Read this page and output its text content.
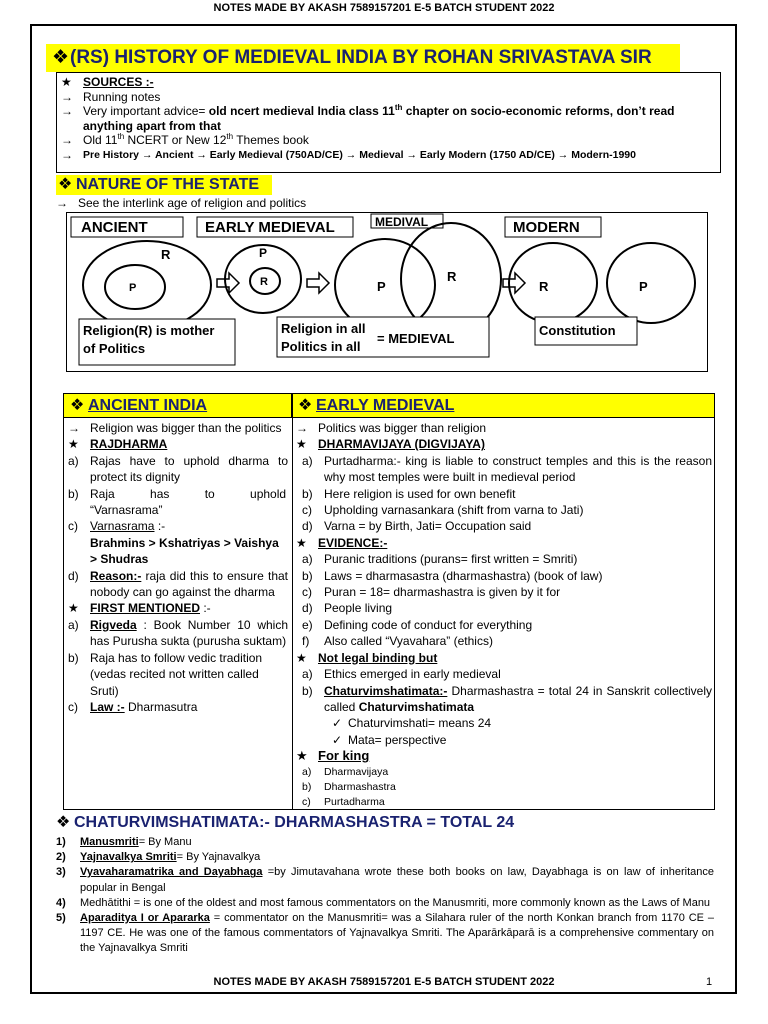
NOTES MADE BY AKASH 7589157201 E-5 BATCH STUDENT 2022
❖(RS) HISTORY OF MEDIEVAL INDIA BY ROHAN SRIVASTAVA SIR
★ SOURCES :-
→ Running notes
→ Very important advice= old ncert medieval India class 11th chapter on socio-economic reforms, don’t read anything apart from that
→ Old 11th NCERT or New 12th Themes book
→ Pre History → Ancient → Early Medieval (750AD/CE) → Medieval → Early Modern (1750 AD/CE) → Modern-1990
❖ NATURE OF THE STATE
→ See the interlink age of religion and politics
ANCIENT	EARLY MEDIEVAL	MEDIVAL	MODERN
R
P
P
R	P
R
R	P
Religion(R) is mother
of Politics
Religion in all
Politics in all
= MEDIEVAL
Constitution
❖ ANCIENT INDIA	❖ EARLY MEDIEVAL
→ Religion was bigger than the politics
★ RAJDHARMA
a) Rajas have to uphold dharma to protect its dignity
b) Raja has to uphold “Varnasrama”
c)	Varnasrama :-
Brahmins > Kshatriyas > Vaishya > Shudras
d) Reason:- raja did this to ensure that nobody can go against the dharma
★ FIRST MENTIONED :-
a) Rigveda : Book Number 10 which has Purusha sukta (purusha suktam)
b) Raja has to follow vedic tradition (vedas recited not written called Sruti)
c)	Law :- Dharmasutra
→ Politics was bigger than religion
★ DHARMAVIJAYA (DIGVIJAYA)
a) Purtadharma:- king is liable to construct temples and this is the reason why most temples were built in medieval period
b) Here religion is used for own benefit
c)	Upholding varnasankara (shift from varna to Jati)
d) Varna = by Birth, Jati= Occupation said
★ EVIDENCE:-
a) Puranic traditions (purans= first written = Smriti)
b) Laws = dharmasastra (dharmashastra) (book of law)
c)	Puran = 18= dharmashastra is given by it for
d) People living
e) Defining code of conduct for everything
f)	Also called “Vyavahara” (ethics)
★ Not legal binding but
a) Ethics emerged in early medieval
b) Chaturvimshatimata:- Dharmashastra = total 24 in Sanskrit collectively called Chaturvimshatimata
✓ Chaturvimshati= means 24
✓ Mata= perspective
★ For king
a)	Dharmavijaya
b)	Dharmashastra
c)	Purtadharma
❖ CHATURVIMSHATIMATA:- DHARMASHASTRA = TOTAL 24
1)	Manusmriti= By Manu
2)	Yajnavalkya Smriti= By Yajnavalkya
3)	Vyavaharamatrika and Dayabhaga =by Jimutavahana wrote these both books on law, Dayabhaga is on law of inheritance popular in Bengal
4)	Medhātithi = is one of the oldest and most famous commentators on the Manusmriti, more commonly known as the Laws of Manu
5)	Aparaditya I or Apararka = commentator on the Manusmriti= was a Silahara ruler of the north Konkan branch from 1170 CE – 1197 CE. He was one of the famous commentators of Yajnavalkya Smriti. The Aparārkāparā is a comprehensive commentary on the Yajnavalkya Smriti
NOTES MADE BY AKASH 7589157201 E-5 BATCH STUDENT 2022	1
